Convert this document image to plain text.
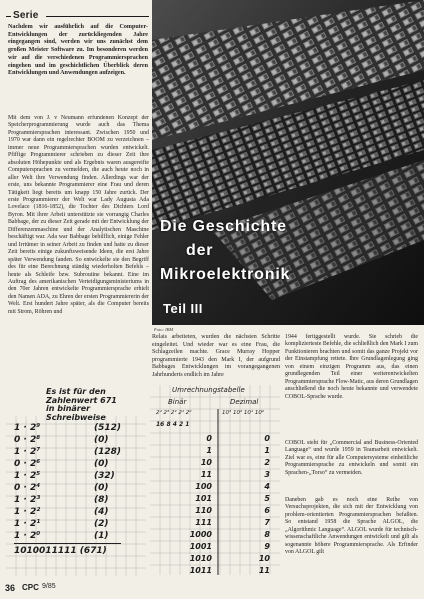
Serie
Nachdem wir ausführlich auf die Computer-Entwicklungen der zurückliegenden Jahre eingegangen sind, werden wir uns zunächst dem großen Meister Software zu. Im besonderen werden wir auf die verschiedenen Programmiersprachen eingehen und im geschichtlichen Überblick deren Entwicklungen und Anwendungen aufzeigen.
Mit dem von J. v Neumann erfundenen Konzept der Speicherprogrammierung wurde auch das Thema Programmiersprachen interessant. Zwischen 1950 und 1970 war dann ein regelrechter BOOM zu verzeichnen – immer neue Programmiersprachen wurden entwickelt. Pfiffige Programmierer schrieben zu dieser Zeit ihre absoluten Höhepunkte und als Ergebnis waren ausgereifte Computersprachen zu vermelden, die auch heute noch in aller Welt ihre Verwendung finden. Allerdings war der erste, uns bekannte Programmierer eine Frau und deren Tätigkeit liegt bereits um knapp 150 Jahre zurück. Der erste Programmierer der Welt war Lady Augusta Ada Lovelace (1816-1852), die Tochter des Dichters Lord Byron. Mit ihrer Arbeit unterstützte sie vorrangig Charles Babbage, der zu dieser Zeit gerade mit der Entwicklung der Differenzenmaschine und der Analytischen Maschine beschäftigt war. Ada war Babbage behilflich, einige Fehler und Irrtümer in seiner Arbeit zu finden und hatte zu dieser Zeit bereits einige zukunftsweisende Ideen, die erst Jahre später Verwendung fanden. So entwickelte sie den Begriff des für eine Berechnung ständig wiederholten Befehls – heute als Schleife bzw. Subroutine bekannt. Eine im Auftrag des amerikanischen Verteidigungsministeriums in den 70er Jahren entwickelte Programmiersprache erhielt den Namen ADA, zu Ehren der ersten Programmiererin der Welt. Erst hundert Jahre später, als die Computer bereits mit Strom, Röhren und
Die Geschichte
der
Mikroelektronik
Teil III
Foto: IBM
Relais arbeiteten, wurden die nächsten Schritte eingeleitet. Und wieder war es eine Frau, die Schlagzeilen machte. Grace Murray Hopper programmierte 1943 den Mark I, der aufgrund Babbages Entwicklungen im vorangegangenen Jahrhunderts endlich im Jahre
1944 fertiggestellt wurde. Sie schrieb die komplizierteste Befehle, die schließlich den Mark I zum Funktionieren brachten und somit das ganze Projekt vor der Einstampfung rettete. Ihre Grundlagenlegung ging von einem einzigen Programm aus, das einen grundlegenden Teil einer weiterentwickelten Programmiersprache Flow-Matic, aus deren Grundlagen anschließend die noch heute bekannte und verwendete COBOL-Sprache wurde.
COBOL steht für „Commercial and Business-Oriented Language“ und wurde 1959 in Teamarbeit entwickelt. Ziel war es, eine für alle Computersysteme einheitliche Programmiersprache zu entwickeln und somit ein Sprachen-„Torso“ zu vermeiden.
Daneben gab es noch eine Reihe von Versuchsprojekten, die sich mit der Entwicklung von problem-orientierten Programmiersprachen befaßten. So entstand 1958 die Sprache ALGOL, die „Algorithmic Language“. ALGOL wurde für technisch-wissenschaftliche Anwendungen entwickelt und gilt als sogenannte höhere Programmiersprache. Als Erfinder von ALGOL gilt
Es ist für den
Zahlenwert 671
in binärer
Schreibweise
1 · 2⁹	(512)
0 · 2⁸	(0)
1 · 2⁷	(128)
0 · 2⁶	(0)
1 · 2⁵	(32)
0 · 2⁴	(0)
1 · 2³	(8)
1 · 2²	(4)
1 · 2¹	(2)
1 · 2⁰	(1)
1010011111 (671)
Umrechnungstabelle
Binär	Dezimal
2⁴ 2³ 2² 2¹ 2⁰	10³ 10² 10¹ 10⁰
16 8 4 2 1
0	0
1	1
10	2
11	3
100	4
101	5
110	6
111	7
1000	8
1001	9
1010	10
1011	11
36 CPC 9/85
